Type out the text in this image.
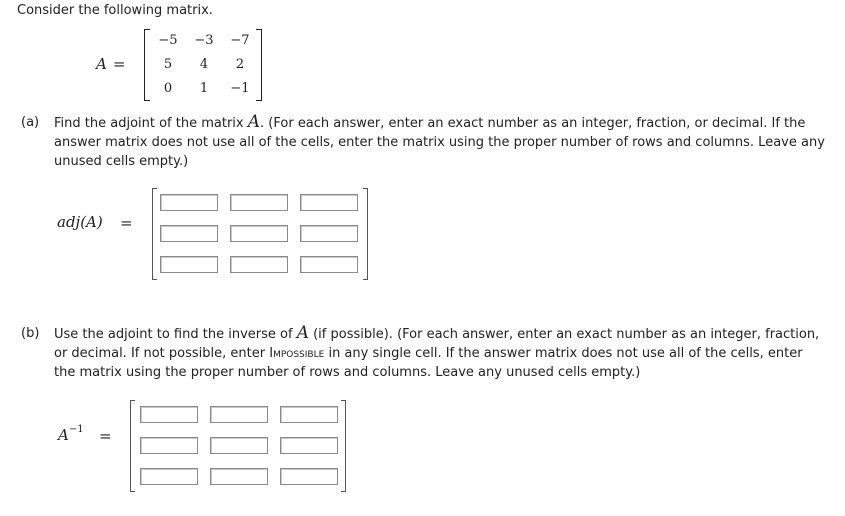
Consider the following matrix.
A =
−5	−3	−7
5	4	2
0	1	−1
(a)	Find the adjoint of the matrix A. (For each answer, enter an exact number as an integer, fraction, or decimal. If the answer matrix does not use all of the cells, enter the matrix using the proper number of rows and columns. Leave any unused cells empty.)
adj(A) =
(b)	Use the adjoint to find the inverse of A (if possible). (For each answer, enter an exact number as an integer, fraction, or decimal. If not possible, enter Impossible in any single cell. If the answer matrix does not use all of the cells, enter the matrix using the proper number of rows and columns. Leave any unused cells empty.)
$A^{-1}$ =
